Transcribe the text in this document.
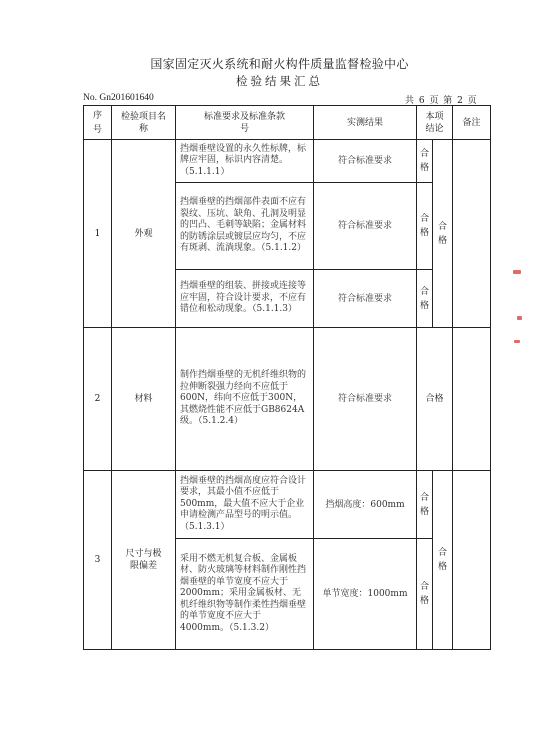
国家固定灭火系统和耐火构件质量监督检验中心
检验结果汇总
No. Gn201601640	共 6 页 第 2 页
序号	检验项目名称	标准要求及标准条款号	实测结果	本项结论		备注
1	外观	挡烟垂壁设置的永久性标牌，标牌应牢固，标识内容清楚。（5.1.1.1）	符合标准要求	合格	合格	
		挡烟垂壁的挡烟部件表面不应有裂纹、压坑、缺角、孔洞及明显的凹凸、毛刺等缺陷；金属材料的防锈涂层或镀层应均匀，不应有斑剥、流淌现象。（5.1.1.2）	符合标准要求	合格		
		挡烟垂壁的组装、拼接或连接等应牢固，符合设计要求，不应有错位和松动现象。（5.1.1.3）	符合标准要求	合格		
2	材料	制作挡烟垂壁的无机纤维织物的拉伸断裂强力经向不应低于600N，纬向不应低于300N，其燃烧性能不应低于GB8624A级。（5.1.2.4）	符合标准要求	合格		
3	尺寸与极限偏差	挡烟垂壁的挡烟高度应符合设计要求，其最小值不应低于500mm，最大值不应大于企业申请检测产品型号的明示值。（5.1.3.1）	挡烟高度：600mm	合格	合格	
		采用不燃无机复合板、金属板材、防火玻璃等材料制作刚性挡烟垂壁的单节宽度不应大于2000mm；采用金属板材、无机纤维织物等制作柔性挡烟垂壁的单节宽度不应大于4000mm。（5.1.3.2）	单节宽度：1000mm	合格		
